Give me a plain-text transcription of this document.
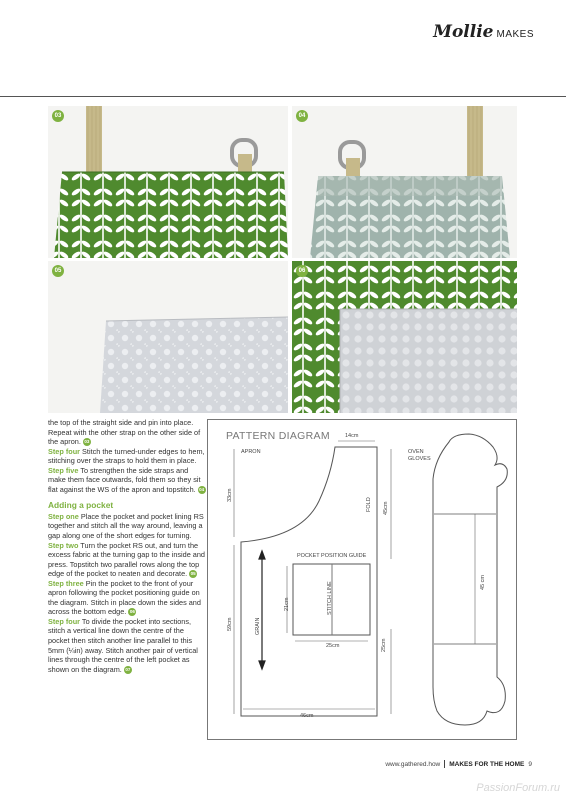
Mollie MAKES
03	04
05	06

the top of the straight side and pin into place. Repeat with the other strap on the other side of the apron. 03

Step four Stitch the turned-under edges to hem, stitching over the straps to hold them in place.

Step five To strengthen the side straps and make them face outwards, fold them so they sit flat against the WS of the apron and topstitch. 04

Adding a pocket

Step one Place the pocket and pocket lining RS together and stitch all the way around, leaving a gap along one of the short edges for turning.

Step two Turn the pocket RS out, and turn the excess fabric at the turning gap to the inside and press. Topstitch two parallel rows along the top edge of the pocket to neaten and decorate. 05

Step three Pin the pocket to the front of your apron following the pocket positioning guide on the diagram. Stitch in place down the sides and across the bottom edge. 06

Step four To divide the pocket into sections, stitch a vertical line down the centre of the pocket then stitch another line parallel to this 5mm (¼in) away. Stitch another pair of vertical lines through the centre of the left pocket as shown on the diagram. 07

PATTERN DIAGRAM
APRON
14cm
FOLD 45cm
33cm
59cm	GRAIN
POCKET POSITION GUIDE
21cm	STITCH LINE
25cm	25cm
46cm
OVEN
GLOVES
45 cm
www.gathered.how MAKES FOR THE HOME 9
PassionForum.ru
